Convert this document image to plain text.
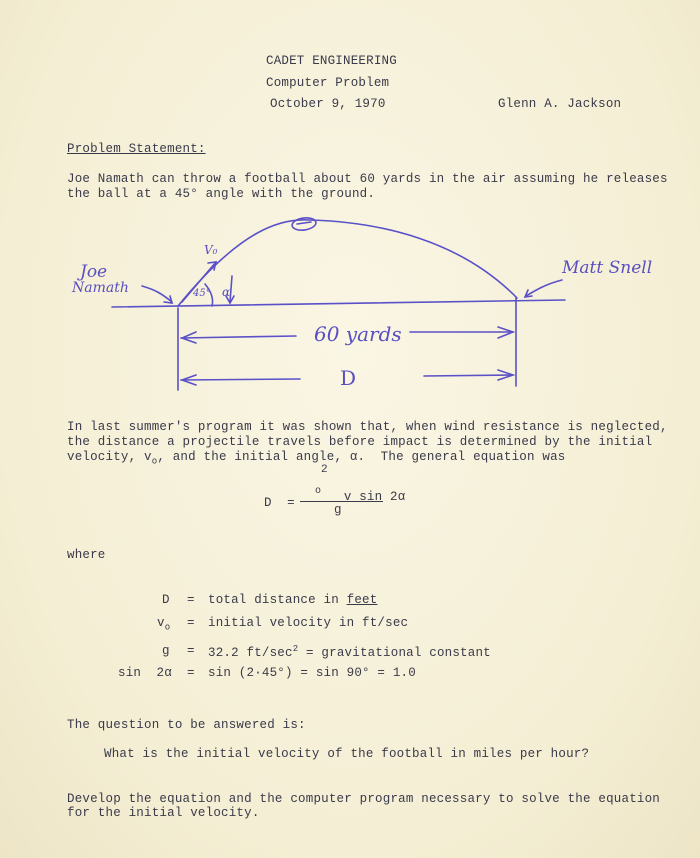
CADET ENGINEERING
Computer Problem
October 9, 1970	Glenn A. Jackson
Problem Statement:
Joe Namath can throw a football about 60 yards in the air assuming he releases
the ball at a 45° angle with the ground.
Joe
Namath
Matt Snell
V₀
45° α
60 yards
D
In last summer's program it was shown that, when wind resistance is neglected,
the distance a projectile travels before impact is determined by the initial
velocity, $v_o$, and the initial angle, α.  The general equation was
D  =	v
2
o sin 2α
g
where
D = total distance in feet
$v_o$ = initial velocity in ft/sec
g = 32.2 $ft/\sec^2$ = gravitational constant
sin  2α = sin (2·45°) = sin 90° = 1.0
The question to be answered is:
What is the initial velocity of the football in miles per hour?
Develop the equation and the computer program necessary to solve the equation
for the initial velocity.
